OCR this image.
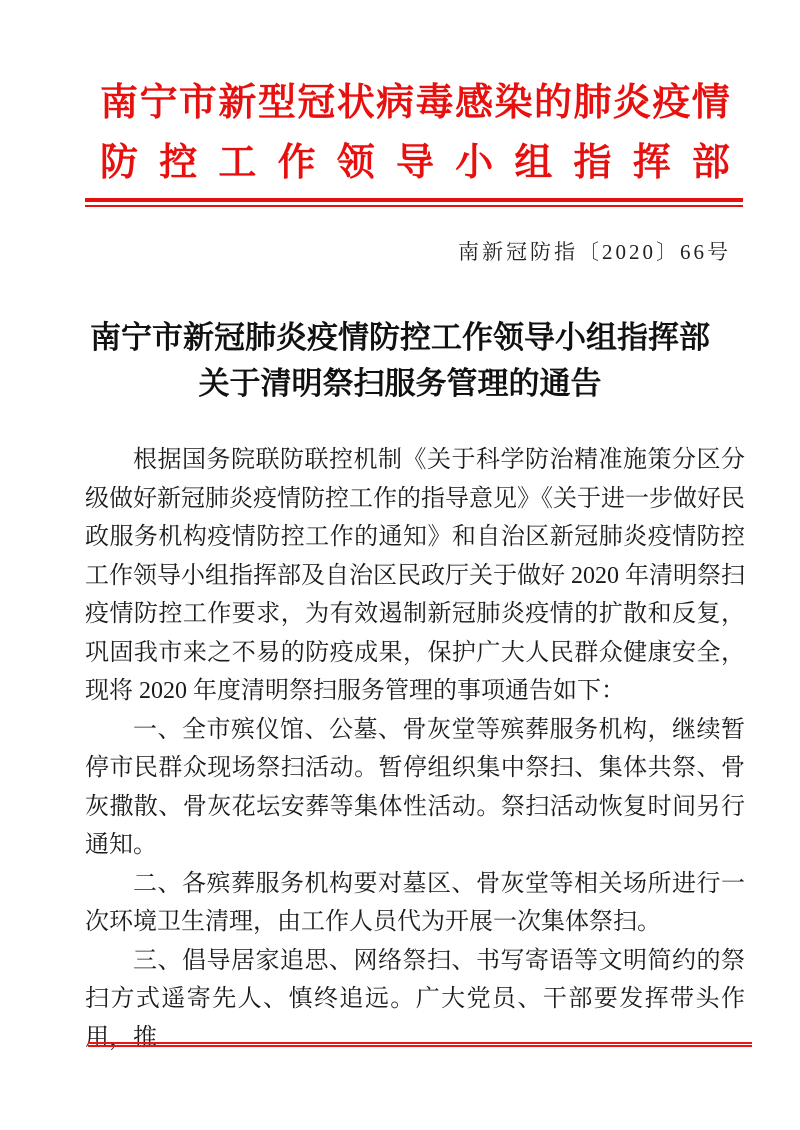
南 宁 市 新 型 冠 状 病 毒 感 染 的 肺 炎 疫 情
防 控 工 作 领 导 小 组 指 挥 部
南新冠防指〔2020〕66号
南宁市新冠肺炎疫情防控工作领导小组指挥部
关于清明祭扫服务管理的通告

根据国务院联防联控机制《关于科学防治精准施策分区分级做好新冠肺炎疫情防控工作的指导意见》《关于进一步做好民政服务机构疫情防控工作的通知》和自治区新冠肺炎疫情防控工作领导小组指挥部及自治区民政厅关于做好 2020 年清明祭扫疫情防控工作要求，为有效遏制新冠肺炎疫情的扩散和反复，巩固我市来之不易的防疫成果，保护广大人民群众健康安全，现将 2020 年度清明祭扫服务管理的事项通告如下：

一、全市殡仪馆、公墓、骨灰堂等殡葬服务机构，继续暂停市民群众现场祭扫活动。暂停组织集中祭扫、集体共祭、骨灰撒散、骨灰花坛安葬等集体性活动。祭扫活动恢复时间另行通知。

二、各殡葬服务机构要对墓区、骨灰堂等相关场所进行一次环境卫生清理，由工作人员代为开展一次集体祭扫。

三、倡导居家追思、网络祭扫、书写寄语等文明简约的祭扫方式遥寄先人、慎终追远。广大党员、干部要发挥带头作用，推
